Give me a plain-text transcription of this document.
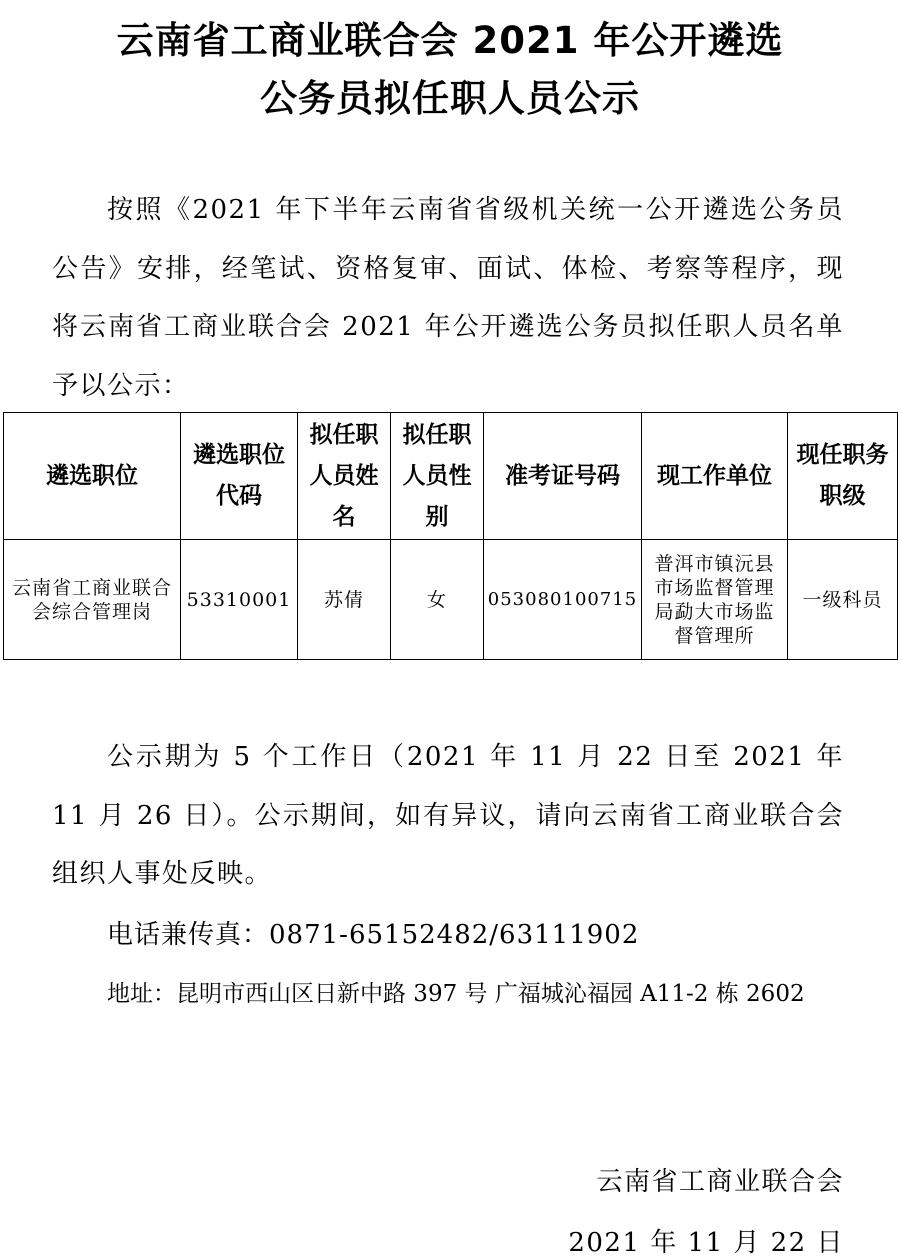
云南省工商业联合会 2021 年公开遴选
公务员拟任职人员公示
按照《2021 年下半年云南省省级机关统一公开遴选公务员公告》安排，经笔试、资格复审、面试、体检、考察等程序，现将云南省工商业联合会 2021 年公开遴选公务员拟任职人员名单予以公示：
遴选职位	遴选职位代码	拟任职人员姓名	拟任职人员性别	准考证号码	现工作单位	现任职务职级
云南省工商业联合会综合管理岗	53310001	苏倩	女	053080100715	普洱市镇沅县市场监督管理局勐大市场监督管理所	一级科员
公示期为 5 个工作日（2021 年 11 月 22 日至 2021 年 11 月 26 日）。公示期间，如有异议，请向云南省工商业联合会组织人事处反映。
电话兼传真：0871-65152482/63111902
地址：昆明市西山区日新中路 397 号 广福城沁福园 A11-2 栋 2602
云南省工商业联合会
2021 年 11 月 22 日
